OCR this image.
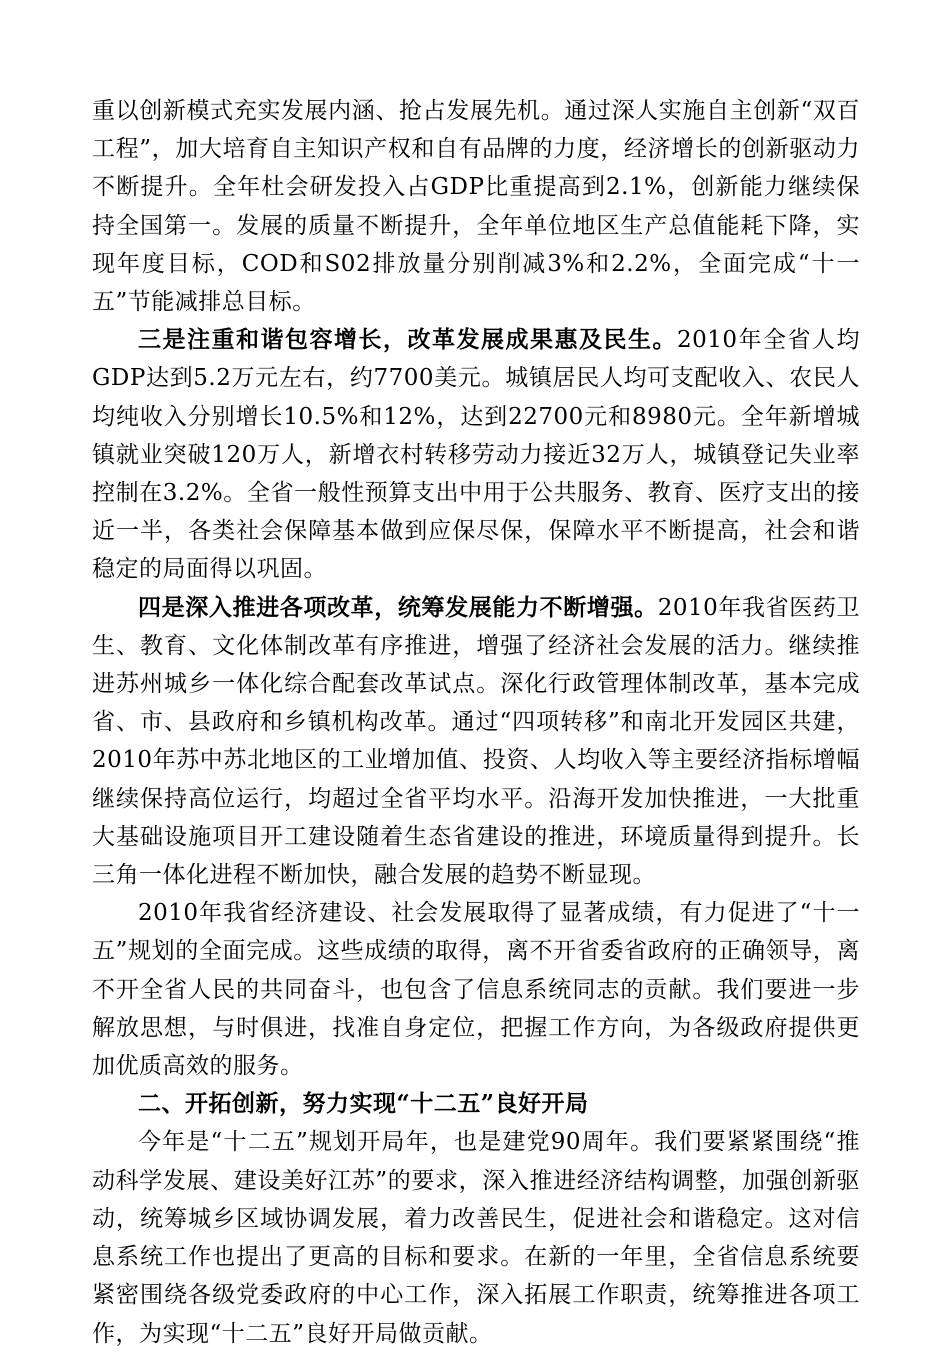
重以创新模式充实发展内涵、抢占发展先机。通过深人实施自主创新“双百工程”，加大培育自主知识产权和自有品牌的力度，经济增长的创新驱动力不断提升。全年杜会研发投入占GDP比重提高到2.1%，创新能力继续保持全国第一。发展的质量不断提升，全年单位地区生产总值能耗下降，实现年度目标，COD和S02排放量分别削减3%和2.2%，全面完成“十一五”节能减排总目标。

三是注重和谐包容增长，改革发展成果惠及民生。2010年全省人均GDP达到5.2万元左右，约7700美元。城镇居民人均可支配收入、农民人均纯收入分别增长10.5%和12%，达到22700元和8980元。全年新增城镇就业突破120万人，新增衣村转移劳动力接近32万人，城镇登记失业率控制在3.2%。全省一般性预算支出中用于公共服务、教育、医疗支出的接近一半，各类社会保障基本做到应保尽保，保障水平不断提高，社会和谐稳定的局面得以巩固。

四是深入推进各项改革，统筹发展能力不断增强。2010年我省医药卫生、教育、文化体制改革有序推进，增强了经济社会发展的活力。继续推进苏州城乡一体化综合配套改革试点。深化行政管理体制改革，基本完成省、市、县政府和乡镇机构改革。通过“四项转移”和南北开发园区共建，2010年苏中苏北地区的工业增加值、投资、人均收入等主要经济指标增幅继续保持高位运行，均超过全省平均水平。沿海开发加快推进，一大批重大基础设施项目开工建设随着生态省建设的推进，环境质量得到提升。长三角一体化进程不断加快，融合发展的趋势不断显现。

2010年我省经济建设、社会发展取得了显著成绩，有力促进了“十一五”规划的全面完成。这些成绩的取得，离不开省委省政府的正确领导，离不开全省人民的共同奋斗，也包含了信息系统同志的贡献。我们要进一步解放思想，与时俱进，找准自身定位，把握工作方向，为各级政府提供更加优质高效的服务。

二、开拓创新，努力实现“十二五”良好开局

今年是“十二五”规划开局年，也是建党90周年。我们要紧紧围绕“推动科学发展、建设美好江苏”的要求，深入推进经济结构调整，加强创新驱动，统筹城乡区域协调发展，着力改善民生，促进社会和谐稳定。这对信息系统工作也提出了更高的目标和要求。在新的一年里，全省信息系统要紧密围绕各级党委政府的中心工作，深入拓展工作职责，统筹推进各项工作，为实现“十二五”良好开局做贡献。
